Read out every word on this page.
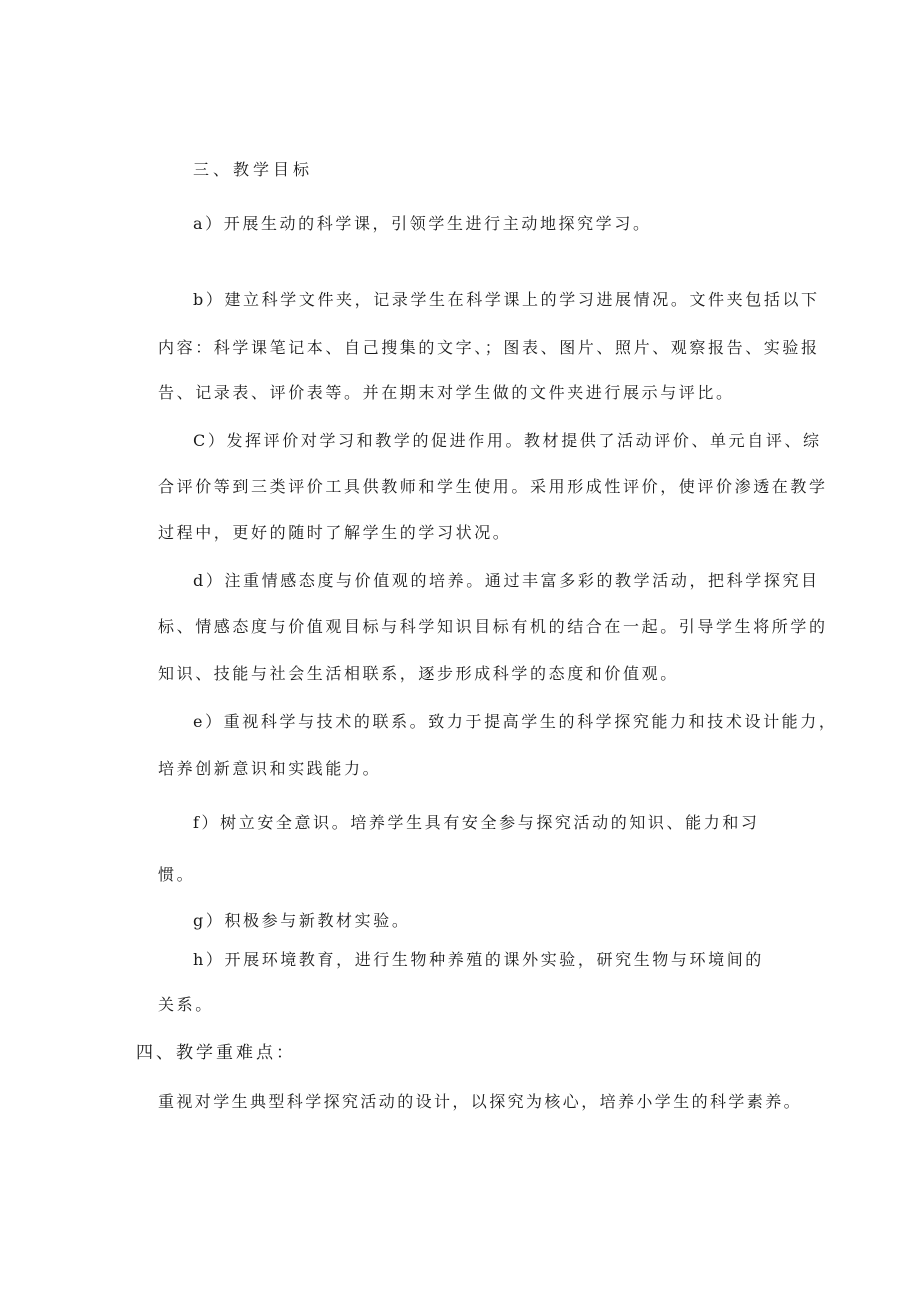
三、教学目标

a）开展生动的科学课，引领学生进行主动地探究学习。

b）建立科学文件夹，记录学生在科学课上的学习进展情况。文件夹包括以下

内容：科学课笔记本、自己搜集的文字、；图表、图片、照片、观察报告、实验报

告、记录表、评价表等。并在期末对学生做的文件夹进行展示与评比。

C）发挥评价对学习和教学的促进作用。教材提供了活动评价、单元自评、综

合评价等到三类评价工具供教师和学生使用。采用形成性评价，使评价渗透在教学

过程中，更好的随时了解学生的学习状况。

d）注重情感态度与价值观的培养。通过丰富多彩的教学活动，把科学探究目

标、情感态度与价值观目标与科学知识目标有机的结合在一起。引导学生将所学的

知识、技能与社会生活相联系，逐步形成科学的态度和价值观。

e）重视科学与技术的联系。致力于提高学生的科学探究能力和技术设计能力，

培养创新意识和实践能力。

f）树立安全意识。培养学生具有安全参与探究活动的知识、能力和习

惯。

g）积极参与新教材实验。

h）开展环境教育，进行生物种养殖的课外实验，研究生物与环境间的

关系。

四、教学重难点：

重视对学生典型科学探究活动的设计，以探究为核心，培养小学生的科学素养。
